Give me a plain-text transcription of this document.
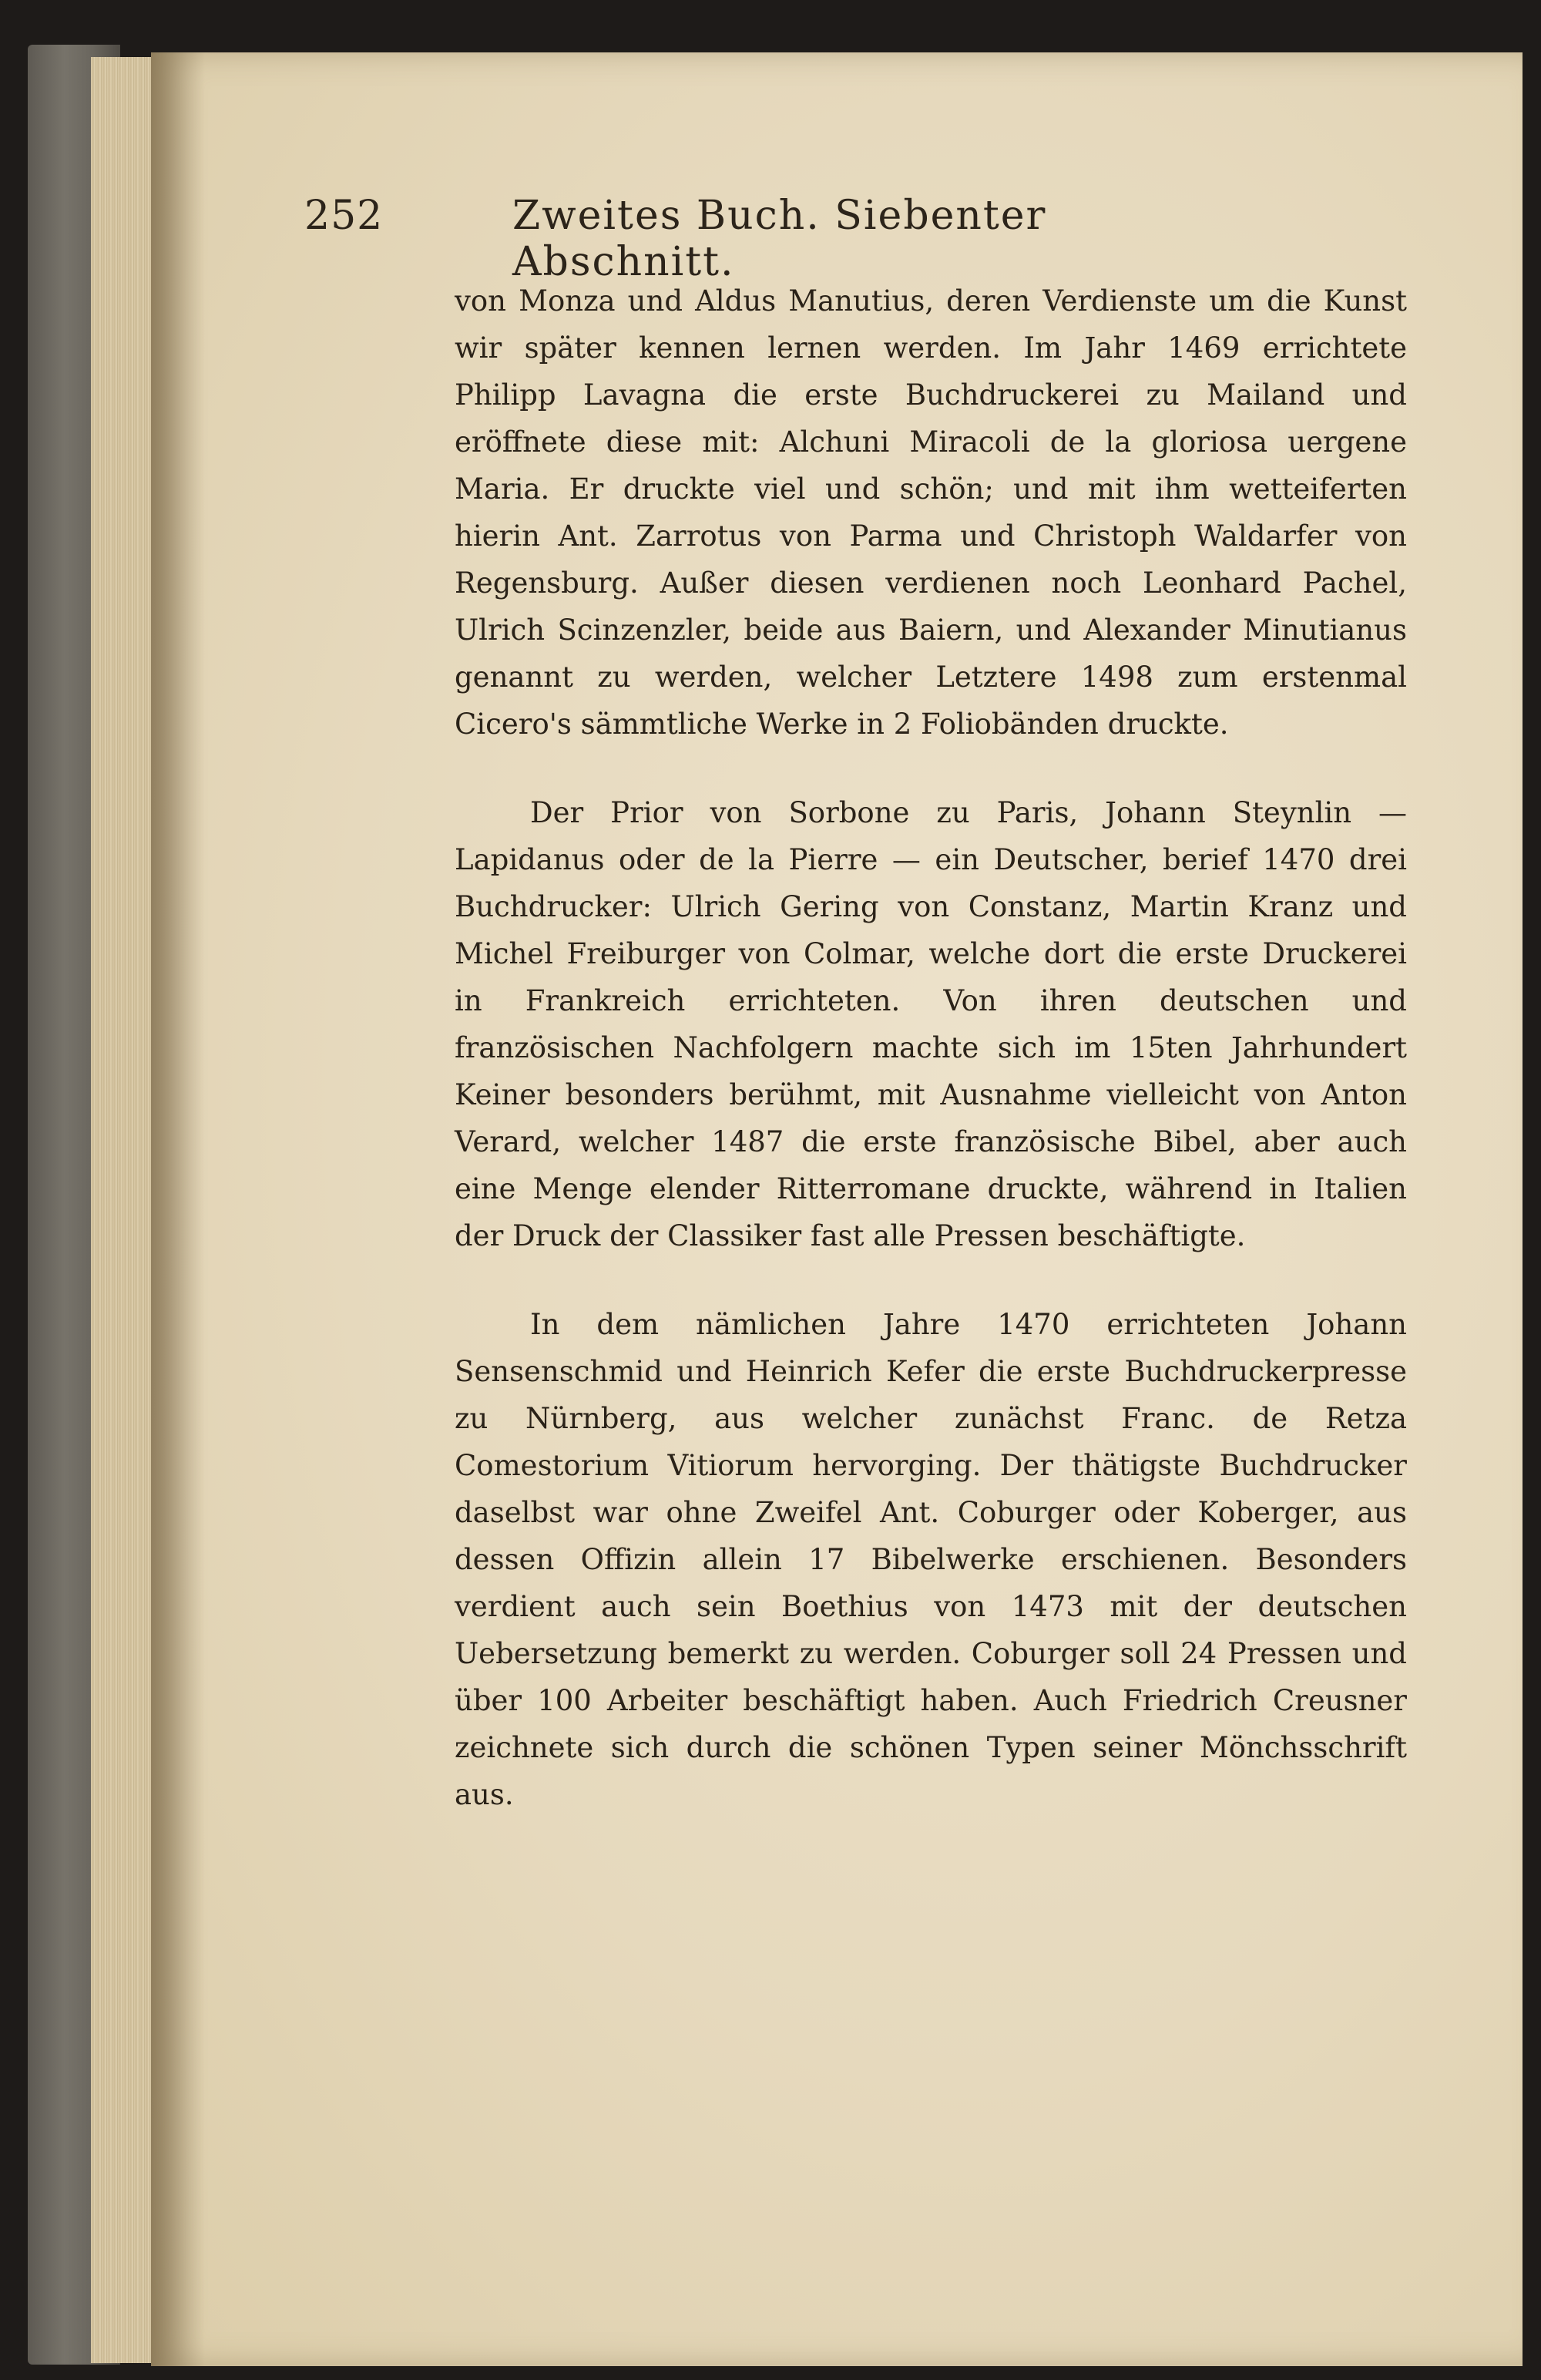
252	Zweites Buch. Siebenter Abschnitt.

von Monza und Aldus Manutius, deren Verdienste um die Kunst wir später kennen lernen werden. Im Jahr 1469 errichtete Philipp Lavagna die erste Buchdruckerei zu Mailand und eröffnete diese mit: Alchuni Miracoli de la gloriosa uergene Maria. Er druckte viel und schön; und mit ihm wetteiferten hierin Ant. Zarrotus von Parma und Christoph Waldarfer von Regensburg. Außer diesen verdienen noch Leonhard Pachel, Ulrich Scinzenzler, beide aus Baiern, und Alexander Minutianus genannt zu werden, welcher Letztere 1498 zum erstenmal Cicero's sämmtliche Werke in 2 Foliobänden druckte.

Der Prior von Sorbone zu Paris, Johann Steynlin — Lapidanus oder de la Pierre — ein Deutscher, berief 1470 drei Buchdrucker: Ulrich Gering von Constanz, Martin Kranz und Michel Freiburger von Colmar, welche dort die erste Druckerei in Frankreich errichteten. Von ihren deutschen und französischen Nachfolgern machte sich im 15ten Jahrhundert Keiner besonders berühmt, mit Ausnahme vielleicht von Anton Verard, welcher 1487 die erste französische Bibel, aber auch eine Menge elender Ritterromane druckte, während in Italien der Druck der Classiker fast alle Pressen beschäftigte.

In dem nämlichen Jahre 1470 errichteten Johann Sensenschmid und Heinrich Kefer die erste Buchdruckerpresse zu Nürnberg, aus welcher zunächst Franc. de Retza Comestorium Vitiorum hervorging. Der thätigste Buchdrucker daselbst war ohne Zweifel Ant. Coburger oder Koberger, aus dessen Offizin allein 17 Bibelwerke erschienen. Besonders verdient auch sein Boethius von 1473 mit der deutschen Uebersetzung bemerkt zu werden. Coburger soll 24 Pressen und über 100 Arbeiter beschäftigt haben. Auch Friedrich Creusner zeichnete sich durch die schönen Typen seiner Mönchsschrift aus.
